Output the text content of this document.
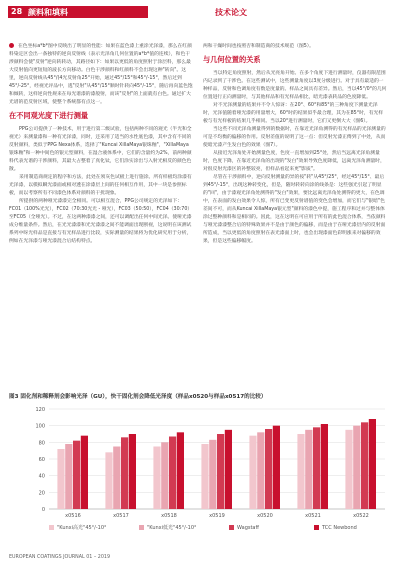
28 颜料和填料	技术论文

在色坐标a*b*图中反映出了明显的性能：如果在蓝色漆上重涂光泽漆，那么在红颜料染定区会出一条独特的逆向反射线（表示光泽角几何位置的a*b*值的连续），和色干涉颜料会使"反射"逆向转转动，其路径如下：如果以更低的角度照射于涂层料，那么最大反射值向更短短的波长方向移动。白色干涉颜料和红颜料不会出现这种"转向"。这里，逆向反射线从45°/(4光反射角25°开始，通过45°/15°和45°/-15°，然后过到45°/-25°，经视光评品中，逃"反射"从45°/15°顺时针转向45°/-15°，随后再向蓝色饱和倾转，这样逆向性规来在每光谱漆的漆般射，而该"反射"的上面就有白色。通过扩大光谱的范反射区域，使整个系统都有点这一。

在不同观光度下进行测量

PPG公司提供了一种技术，用于进行第二级试验，包括两种不同的观光（半光和全视光）来测量漆和一种有光泽漆，同时，还采用了适当的水性底色漆，其中含有不同的反射颜料，类似于PPG Nexa体系，选择了"Kuncai XillaMaya银珠釉"，"XillaMaya银珠釉"和一种中间色的银元型颜料，在湿合液体系中，它们的含量约为2%，前两种颜料代表光谱的干涉颜料，其最大占整着了真化钛，它们涂实涂出与入射光相反的颜色色散。

采用制造商规定的程序和方法，此处在须灰色试板上进行施涂。所有样板均涂漆有光泽漆，以模拟瞬光漆面或相对透在涂漆层上间的任何相互作用，其中一块是参照标板，而以考察所有不同漆色体系对颜料的干扰现象。

所提供的两种哑光漆漆完全相同。可以相互混合，PPG公司规定的光泽如下：FC01（100%光光），FC02（70:30光光 - 哑光），FC03（50:50），FC04（30:70）至FC05（全哑光）。不过，在这两种漆漆之间，还可以调配出任何中间光泽。使哑光漆成分维量条件。然后，在光光漆漆和光光漆漆之间不能调面出现断视，这说明在该测试系列中呀光样品是直接与有光样品进行比较，实际测量的结果将为优化研究用于分析，例如在光泽漆与哑光漆混合后结构特点。

两和干燥时间也按照否和制造商的技术规范（图5）。

与几何位置的关系

当以特定角度照射，然后从光亮角开始。在多个角度下进行测量时，仪器有限范围内记录到了干涉色。在这些测试中，这些测量角度以3度分级进行。对于具有最适的一种样品，反射和色调角度有数是度量的。样品之间具有差异。然后，当以45°/0°的几何位置进行正向测量时，与其他样品和有光样品相比，暗光漆表转品的色度降低。

对不光泽测量的结果并不令人惊讶：在20°、60°和85°的三种角度下测量光泽时，光泽值随着哑光漆的用量增大，60°时的结果似乎最合理，其为在85°时，有光样板与有光样板的结果几乎相同。当以20°进行测量时，它们又更倒大大（图6）。

当这些不同光泽角测量得到的数据时，在靠近光泽角测得的有光样品的光泽测量的可是不均衡的偏移的作用。反射差值的说明了这一点：但反射光漆正傅到了中处，从而使暗光漆产生发白色的效果（图7）。

从接近光泽角处开始测量色度，色度一直增加到25°处，然后当远离光泽角测量时，色度下降，在靠近光泽角的出现的"发白"效果导致色度降低，远离光泽角测量时，对很反射光漆区的补整较亮，但样品看起来更"影质"。

尽管在干涉颜料中，逆向反射测量的异的按"转"从45°/25°，经过45°/15°、最后到45°/-15°，出现这种转变化，但是，随时转转向涂的线条是：这些强光引起了明显的"回"，由于漆观光泽角处测得的"发白"效果，要比远离光泽角处测得的更大，在色调中，在表面的发白效果令人惊，所有已变更反射谱值的变色会增加，而它们与"银暗"色差间不可，而从Kuncai XillaMaya银元型"颜料的漆色中提，施工程序和过并与整体体涂过整种颜料和是相同的。因此，这在这明在可应用于所有的此色混合体系，当依颜料与哑光漆漆整合后的特殊效果并不是由于颜色的偏移，而是由于在哑光漆层内的反射面所造成，当以更低的角度照射在表光漆面上时，也会出现漆面色彩明涨来对偏移的效果，但是这些偏移幅度。

图3 固化剂和稀释剂会影响光泽（GU），快干固化剂会降低光泽度（样品x0520与样品x0517的比较）
0
20
40
60
80
100
120
x0516	x0517	x0518	x0519	x0520	x0521	x0522
"Kunxi高光"45°/-10°	"Kunxi低光"45°/-10°	Wagstaff	TCC Newbond
EUROPEAN COATINGS JOURNAL 01 – 2019
